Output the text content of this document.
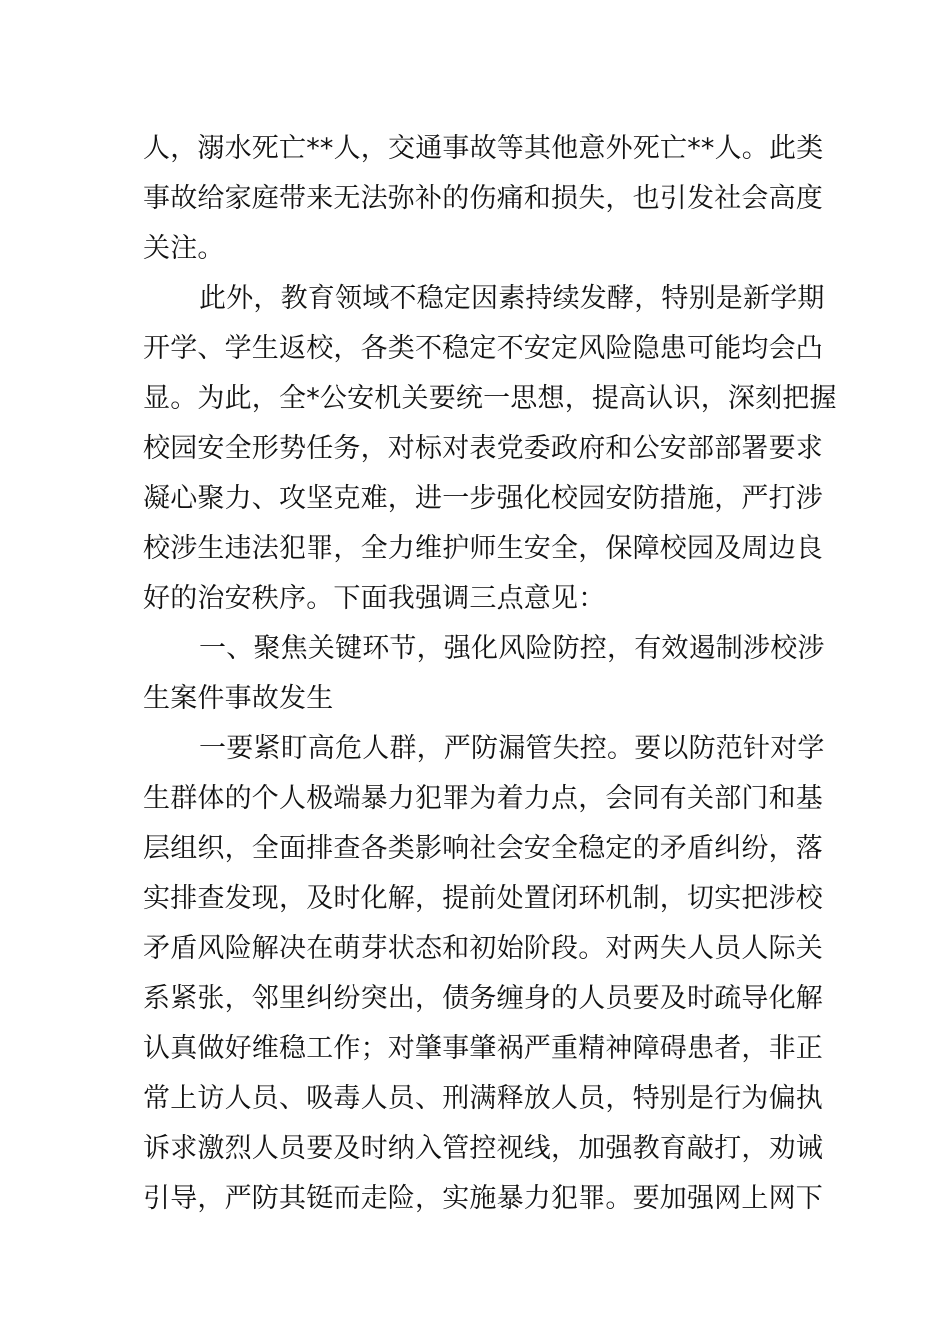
人，溺水死亡**人，交通事故等其他意外死亡**人。此类
事故给家庭带来无法弥补的伤痛和损失，也引发社会高度
关注。
此外，教育领域不稳定因素持续发酵，特别是新学期
开学、学生返校，各类不稳定不安定风险隐患可能均会凸
显。为此，全*公安机关要统一思想，提高认识，深刻把握
校园安全形势任务，对标对表党委政府和公安部部署要求
凝心聚力、攻坚克难，进一步强化校园安防措施，严打涉
校涉生违法犯罪，全力维护师生安全，保障校园及周边良
好的治安秩序。下面我强调三点意见：
一、聚焦关键环节，强化风险防控，有效遏制涉校涉
生案件事故发生
一要紧盯高危人群，严防漏管失控。要以防范针对学
生群体的个人极端暴力犯罪为着力点，会同有关部门和基
层组织，全面排查各类影响社会安全稳定的矛盾纠纷，落
实排查发现，及时化解，提前处置闭环机制，切实把涉校
矛盾风险解决在萌芽状态和初始阶段。对两失人员人际关
系紧张，邻里纠纷突出，债务缠身的人员要及时疏导化解
认真做好维稳工作；对肇事肇祸严重精神障碍患者，非正
常上访人员、吸毒人员、刑满释放人员，特别是行为偏执
诉求激烈人员要及时纳入管控视线，加强教育敲打，劝诫
引导，严防其铤而走险，实施暴力犯罪。要加强网上网下
